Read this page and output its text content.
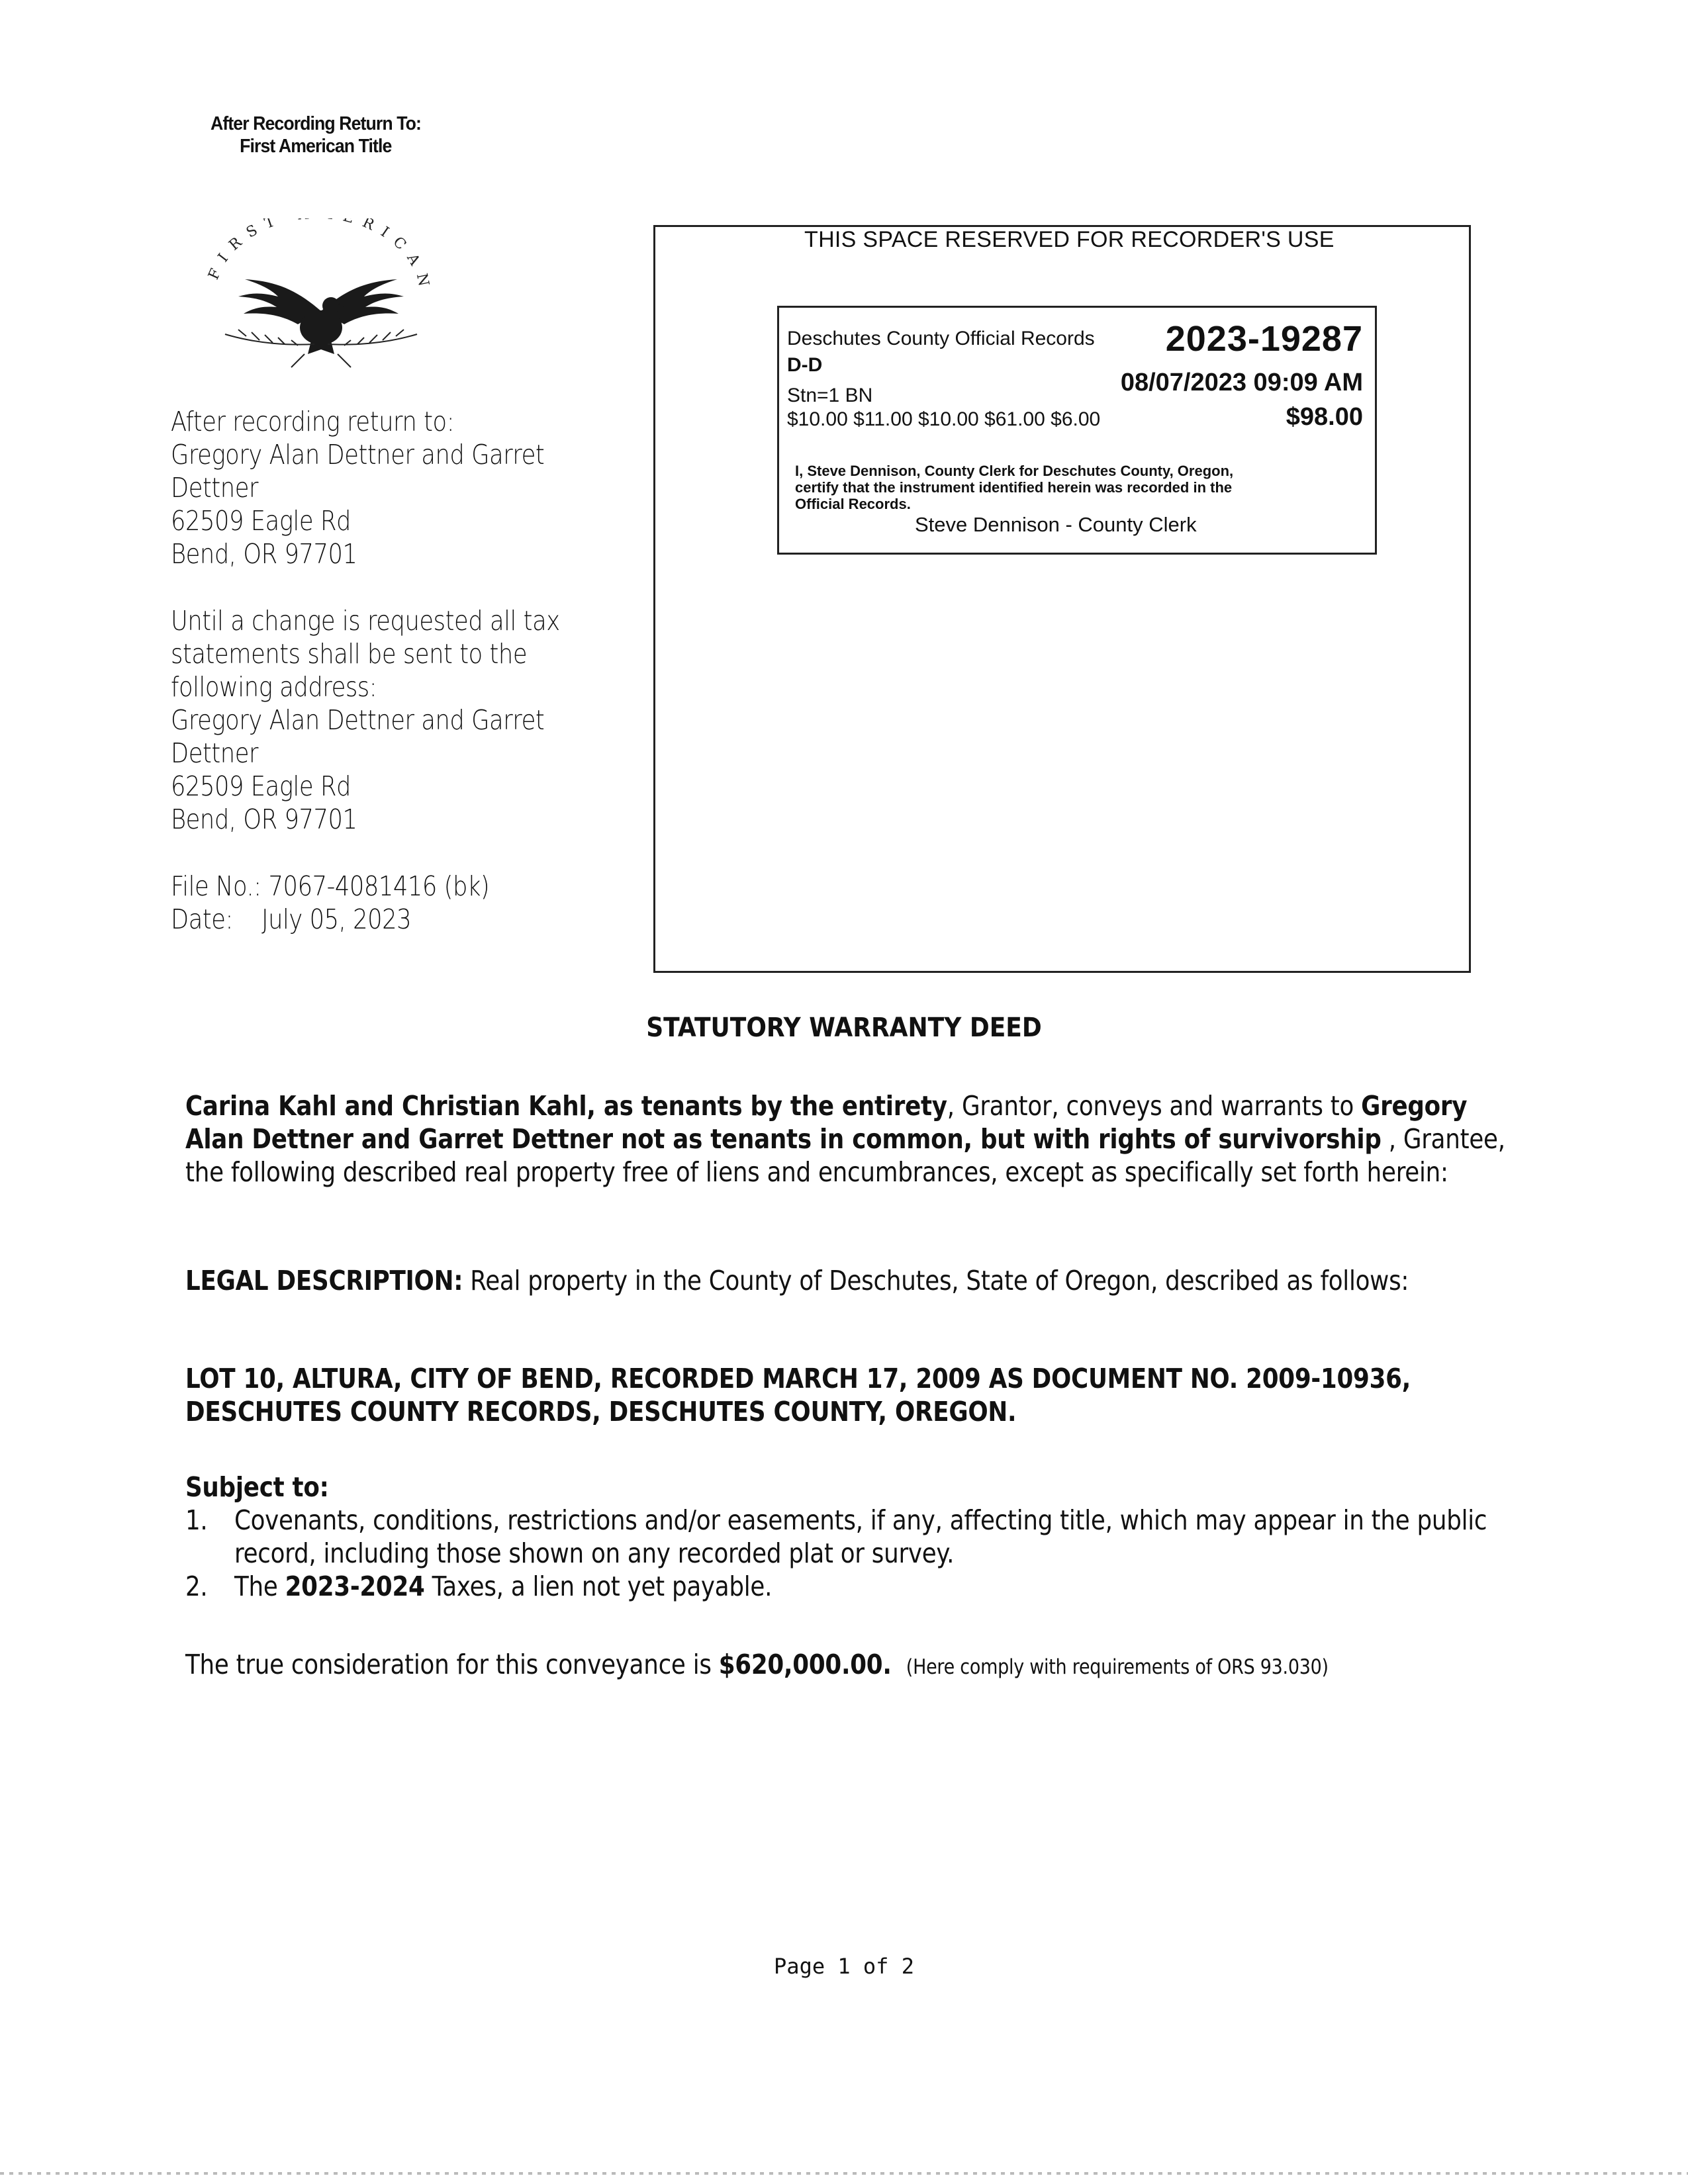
After Recording Return To:
First American Title
FIRST ERICAN

After recording return to:
Gregory Alan Dettner and Garret
Dettner
62509 Eagle Rd
Bend, OR 97701

Until a change is requested all tax
statements shall be sent to the
following address:
Gregory Alan Dettner and Garret
Dettner
62509 Eagle Rd
Bend, OR 97701

File No.: 7067-4081416 (bk)
Date: July 05, 2023

THIS SPACE RESERVED FOR RECORDER'S USE
Deschutes County Official Records 2023-19287
D-D
Stn=1 BN	08/07/2023 09:09 AM
$10.00 $11.00 $10.00 $61.00 $6.00	$98.00
I, Steve Dennison, County Clerk for Deschutes County, Oregon,
certify that the instrument identified herein was recorded in the
Official Records.
Steve Dennison - County Clerk
STATUTORY WARRANTY DEED
Carina Kahl and Christian Kahl, as tenants by the entirety, Grantor, conveys and warrants to Gregory Alan Dettner and Garret Dettner not as tenants in common, but with rights of survivorship , Grantee, the following described real property free of liens and encumbrances, except as specifically set forth herein:
LEGAL DESCRIPTION: Real property in the County of Deschutes, State of Oregon, described as follows:
LOT 10, ALTURA, CITY OF BEND, RECORDED MARCH 17, 2009 AS DOCUMENT NO. 2009-10936, DESCHUTES COUNTY RECORDS, DESCHUTES COUNTY, OREGON.
Subject to:
1. Covenants, conditions, restrictions and/or easements, if any, affecting title, which may appear in the public record, including those shown on any recorded plat or survey.
2. The 2023-2024 Taxes, a lien not yet payable.
The true consideration for this conveyance is $620,000.00. (Here comply with requirements of ORS 93.030)
Page 1 of 2
